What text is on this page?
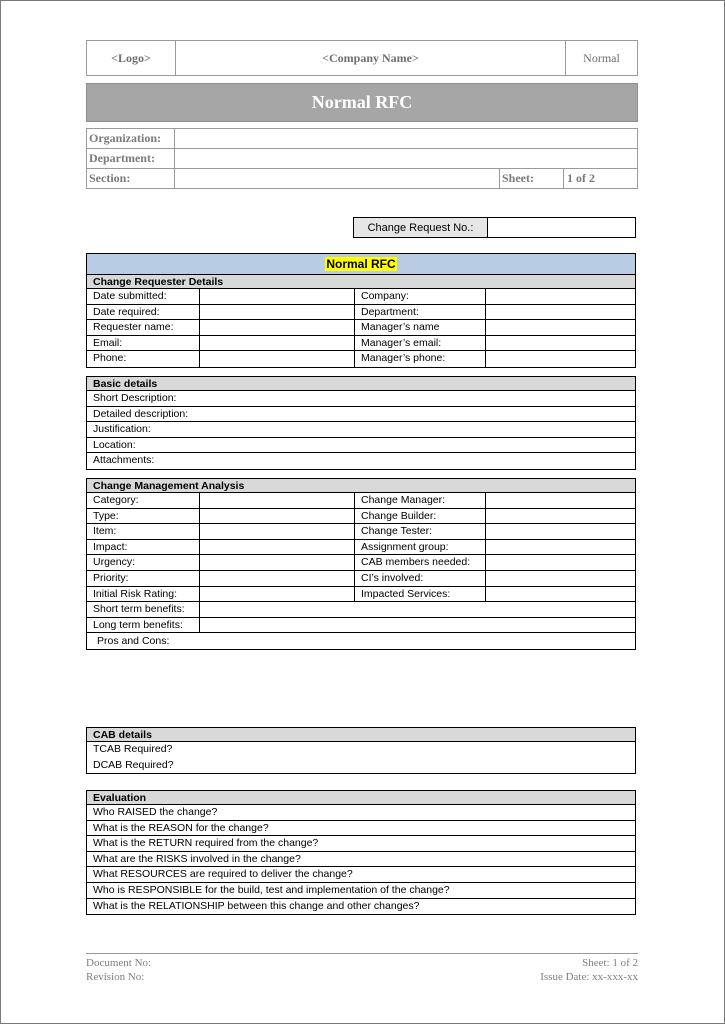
<Logo>	<Company Name>	Normal
Normal RFC
Organization:
Department:
Section:	Sheet:	1 of 2
Change Request No.:
Normal RFC
Change Requester Details
Date submitted:	Company:
Date required:	Department:
Requester name:	Manager’s name
Email:	Manager’s email:
Phone:	Manager’s phone:
Basic details
Short Description:
Detailed description:
Justification:
Location:
Attachments:
Change Management Analysis
Category:	Change Manager:
Type:	Change Builder:
Item:	Change Tester:
Impact:	Assignment group:
Urgency:	CAB members needed:
Priority:	CI’s involved:
Initial Risk Rating:	Impacted Services:
Short term benefits:
Long term benefits:
Pros and Cons:
CAB details
TCAB Required?
DCAB Required?
Evaluation
Who RAISED the change?
What is the REASON for the change?
What is the RETURN required from the change?
What are the RISKS involved in the change?
What RESOURCES are required to deliver the change?
Who is RESPONSIBLE for the build, test and implementation of the change?
What is the RELATIONSHIP between this change and other changes?
Document No:	Sheet: 1 of 2
Revision No:	Issue Date: xx-xxx-xx
